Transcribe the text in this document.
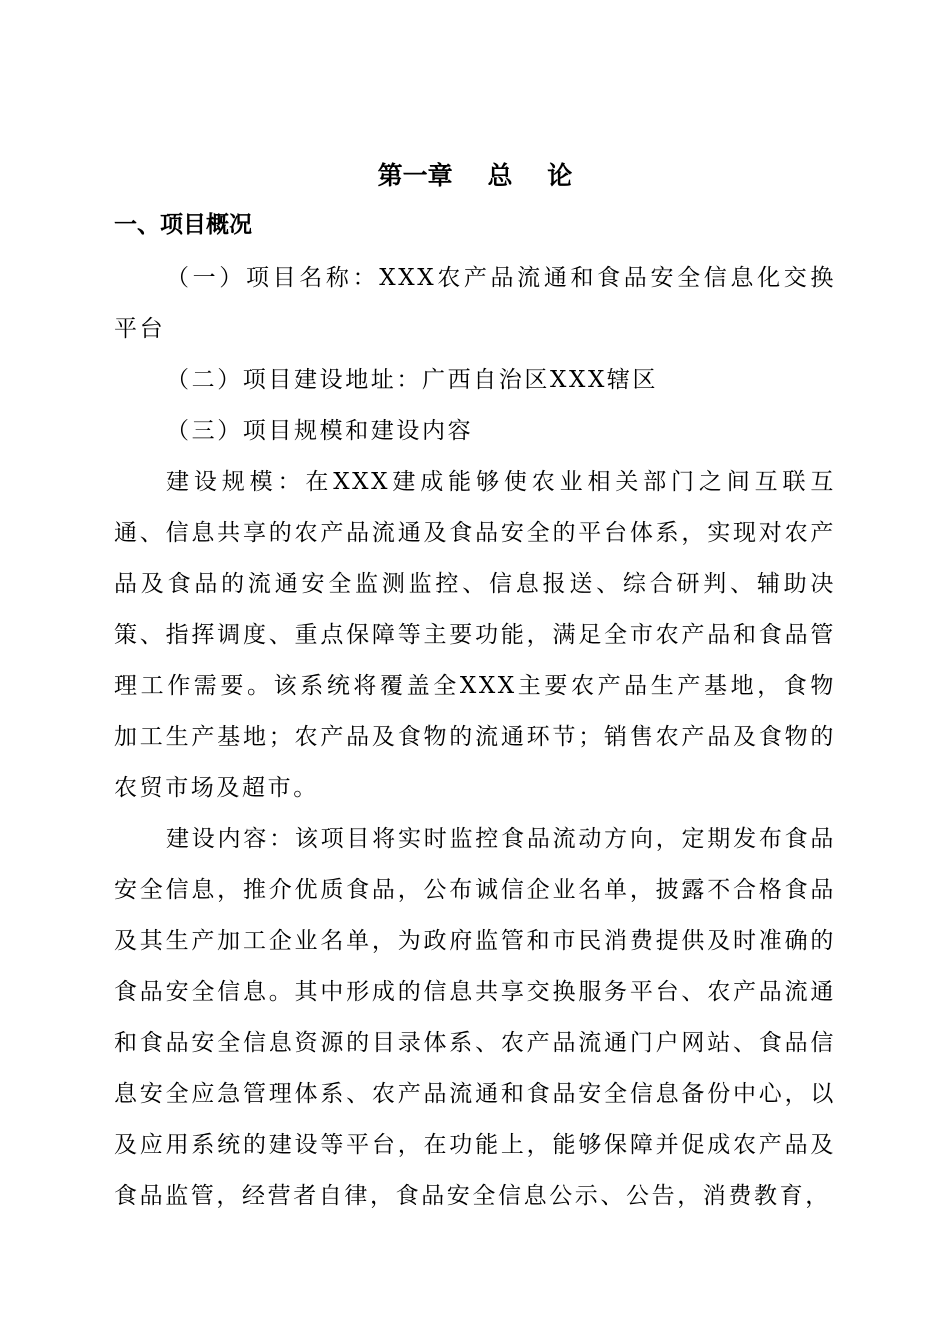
第一章    总    论
一、项目概况

（一）项目名称：XXX农产品流通和食品安全信息化交换平台

（二）项目建设地址：广西自治区XXX辖区

（三）项目规模和建设内容

建设规模：在XXX建成能够使农业相关部门之间互联互通、信息共享的农产品流通及食品安全的平台体系，实现对农产品及食品的流通安全监测监控、信息报送、综合研判、辅助决策、指挥调度、重点保障等主要功能，满足全市农产品和食品管理工作需要。该系统将覆盖全XXX主要农产品生产基地，食物加工生产基地；农产品及食物的流通环节；销售农产品及食物的农贸市场及超市。

建设内容：该项目将实时监控食品流动方向，定期发布食品安全信息，推介优质食品，公布诚信企业名单，披露不合格食品及其生产加工企业名单，为政府监管和市民消费提供及时准确的食品安全信息。其中形成的信息共享交换服务平台、农产品流通和食品安全信息资源的目录体系、农产品流通门户网站、食品信息安全应急管理体系、农产品流通和食品安全信息备份中心，以及应用系统的建设等平台，在功能上，能够保障并促成农产品及食品监管，经营者自律，食品安全信息公示、公告，消费教育，
